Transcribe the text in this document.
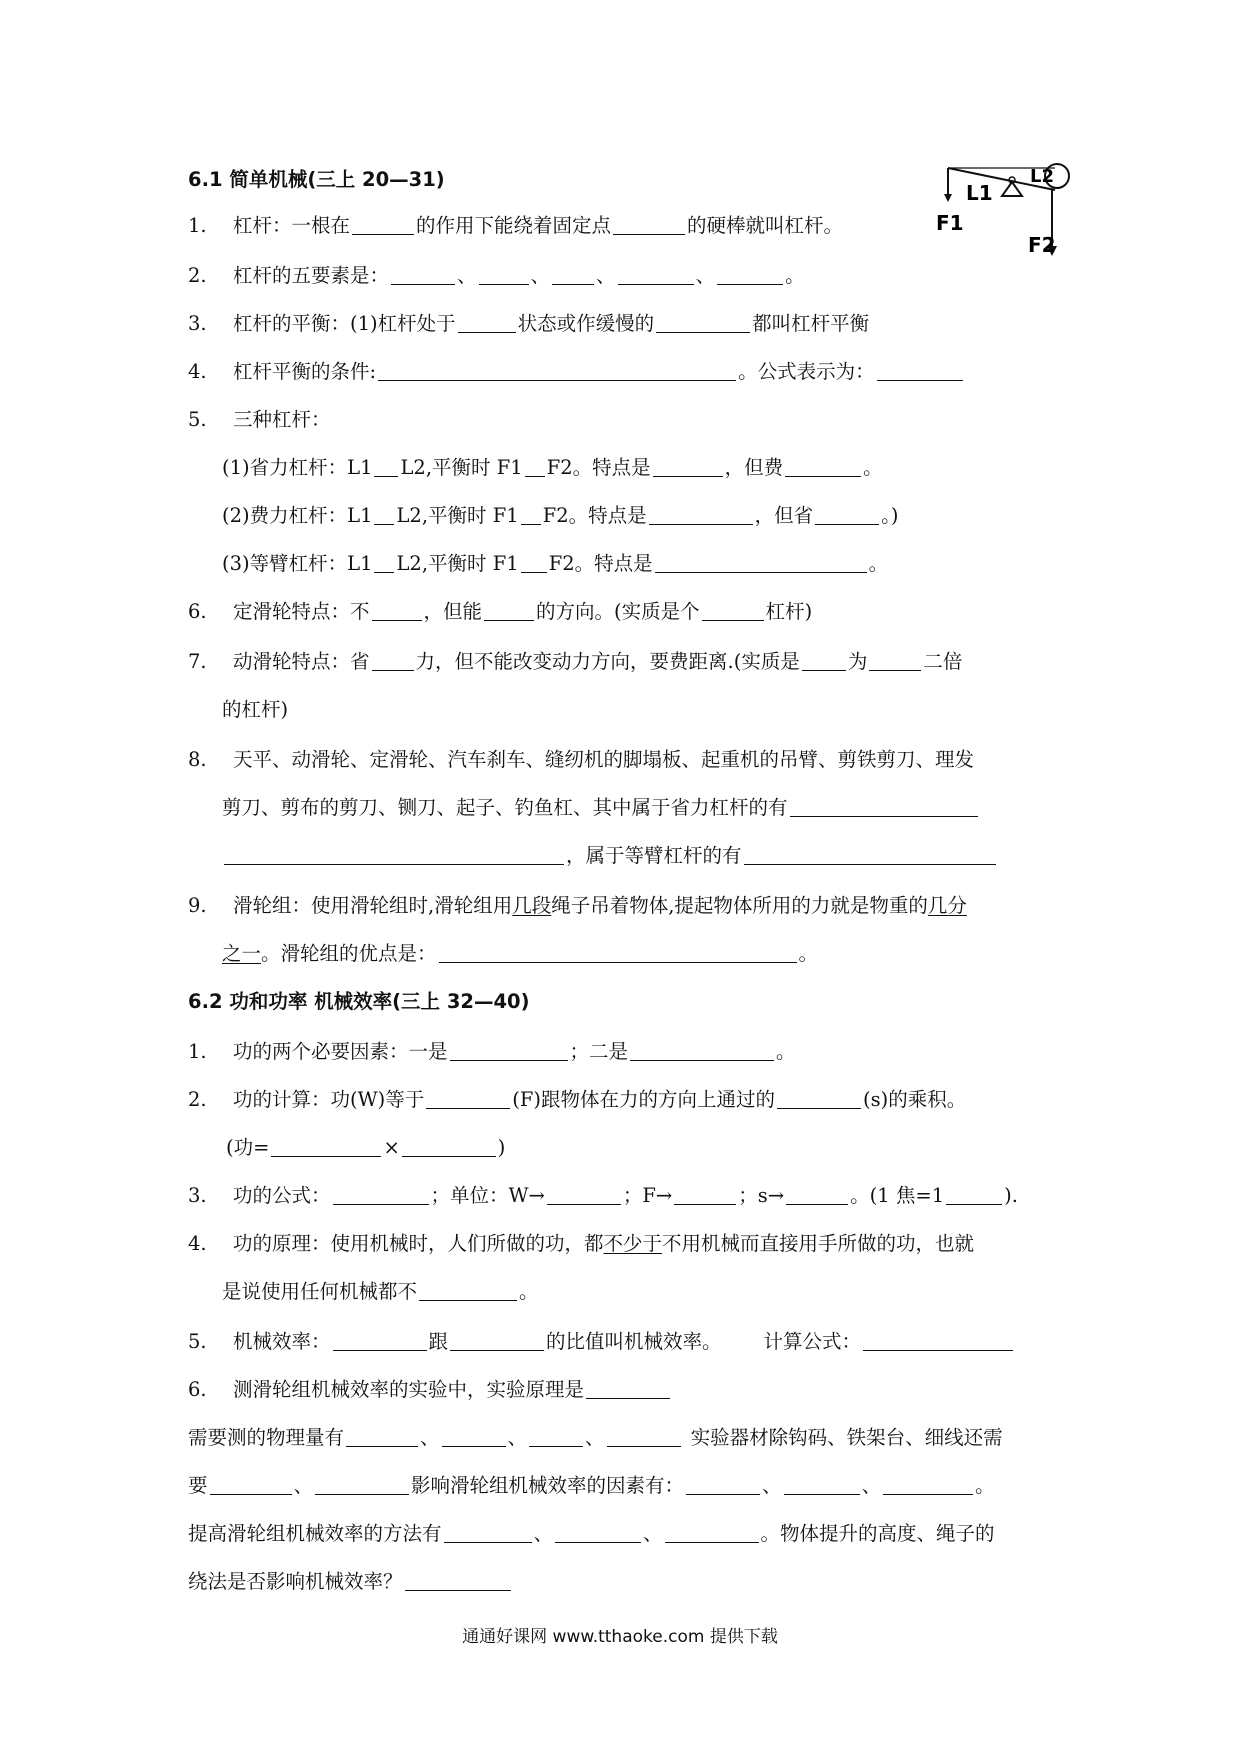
6.1 简单机械(三上 20—31)
L1
L2
F1
F2
1. 杠杆：一根在	的作用下能绕着固定点	的硬棒就叫杠杆。
2. 杠杆的五要素是：	、	、 、	、	。
3. 杠杆的平衡：(1)杠杆处于	状态或作缓慢的	都叫杠杆平衡
4. 杠杆平衡的条件:	。公式表示为：
5. 三种杠杆：
(1)省力杠杆：L1 L2,平衡时 F1 F2。特点是	，但费	。
(2)费力杠杆：L1 L2,平衡时 F1 F2。特点是	，但省	。)
(3)等臂杠杆：L1 L2,平衡时 F1 F2。特点是	。
6. 定滑轮特点：不	，但能	的方向。(实质是个	杠杆)
7. 动滑轮特点：省 力，但不能改变动力方向，要费距离.(实质是 为	二倍
的杠杆)
8. 天平、动滑轮、定滑轮、汽车刹车、缝纫机的脚塌板、起重机的吊臂、剪铁剪刀、理发
剪刀、剪布的剪刀、铡刀、起子、钓鱼杠、其中属于省力杠杆的有
，属于等臂杠杆的有
9. 滑轮组：使用滑轮组时,滑轮组用几段绳子吊着物体,提起物体所用的力就是物重的几分
之一。滑轮组的优点是：	。
6.2 功和功率 机械效率(三上 32—40)
1. 功的两个必要因素：一是	；二是	。
2. 功的计算：功(W)等于	(F)跟物体在力的方向上通过的	(s)的乘积。
(功=	×	)
3. 功的公式：	；单位：W→	；F→	；s→	。(1 焦=1	).
4. 功的原理：使用机械时，人们所做的功，都不少于不用机械而直接用手所做的功，也就
是说使用任何机械都不	。
5. 机械效率：	跟	的比值叫机械效率。 计算公式：
6. 测滑轮组机械效率的实验中，实验原理是
需要测的物理量有	、	、	、	实验器材除钩码、铁架台、细线还需
要	、	影响滑轮组机械效率的因素有：	、	、	。
提高滑轮组机械效率的方法有	、	、	。物体提升的高度、绳子的
绕法是否影响机械效率？
通通好课网 www.tthaoke.com 提供下载
